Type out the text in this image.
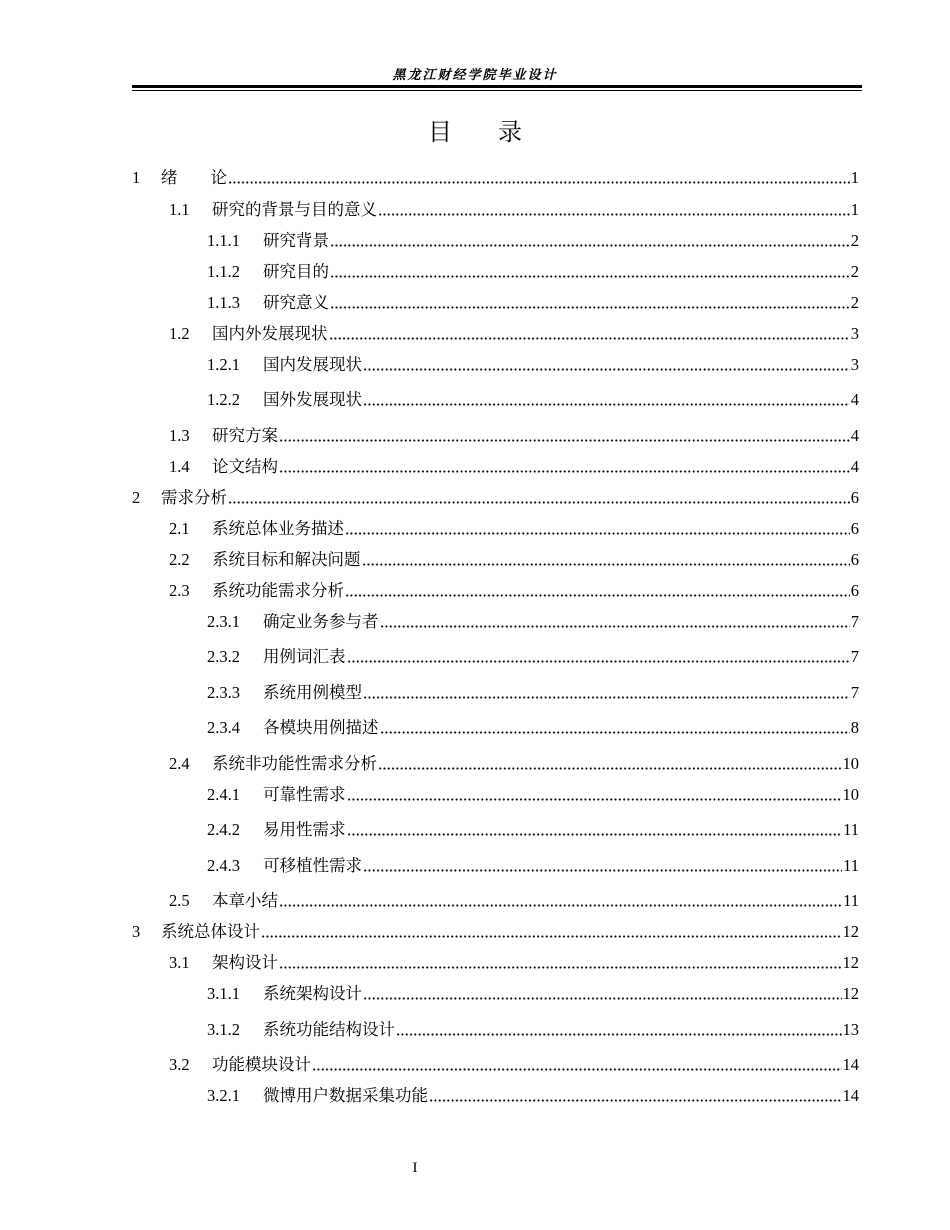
黑龙江财经学院毕业设计
目录
1	绪　　论	1
1.1	研究的背景与目的意义	1
1.1.1	研究背景	2
1.1.2	研究目的	2
1.1.3	研究意义	2
1.2	国内外发展现状	3
1.2.1	国内发展现状	3
1.2.2	国外发展现状	4
1.3	研究方案	4
1.4	论文结构	4
2	需求分析	6
2.1	系统总体业务描述	6
2.2	系统目标和解决问题	6
2.3	系统功能需求分析	6
2.3.1	确定业务参与者	7
2.3.2	用例词汇表	7
2.3.3	系统用例模型	7
2.3.4	各模块用例描述	8
2.4	系统非功能性需求分析	10
2.4.1	可靠性需求	10
2.4.2	易用性需求	11
2.4.3	可移植性需求	11
2.5	本章小结	11
3	系统总体设计	12
3.1	架构设计	12
3.1.1	系统架构设计	12
3.1.2	系统功能结构设计	13
3.2	功能模块设计	14
3.2.1	微博用户数据采集功能	14
I
